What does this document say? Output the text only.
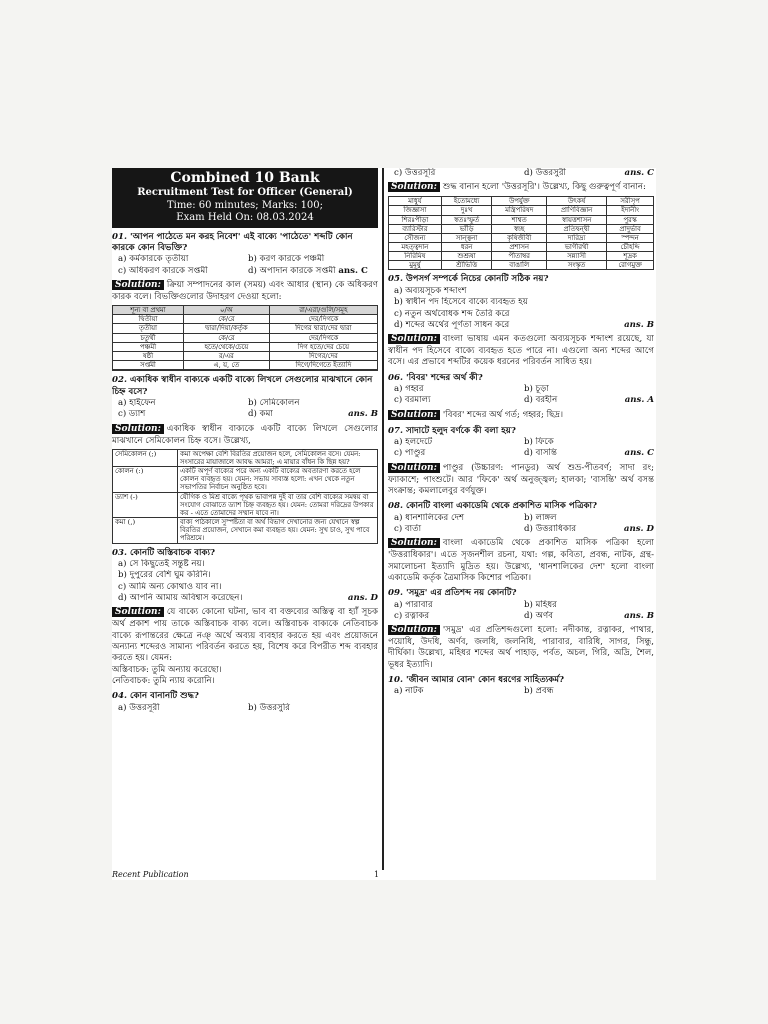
Combined 10 Bank
Recruitment Test for Officer (General)
Time: 60 minutes; Marks: 100;
Exam Held On: 08.03.2024
01. 'আপন পাঠেতে মন করহ নিবেশ' এই বাক্যে 'পাঠেতে' শব্দটি কোন কারকে কোন বিভক্তি?
a) কর্মকারকে তৃতীয়া	b) করণ কারকে পঞ্চমী
c) অধিকরণ কারকে সপ্তমী	d) অপাদান কারকে সপ্তমী ans. C
Solution: ক্রিয়া সম্পাদনের কাল (সময়) এবং আধার (স্থান) কে অধিকরণ কারক বলে। বিভক্তিগুলোর উদাহরণ দেওয়া হলো:
শূন্য বা প্রথমা	০/অ	রা/এরা/গুলি/সমূহ
দ্বিতীয়া	কে/রে	দের/দিগকে
তৃতীয়া	দ্বারা/দিয়া/কর্তৃক	দিগের দ্বারা/দের দ্বারা
চতুর্থী	কে/রে	দের/দিগকে
পঞ্চমী	হতে/থেকে/চেয়ে	দিগ হতে/দের চেয়ে
ষষ্ঠী	র/এর	দিগের/দের
সপ্তমী	এ, য়, তে	দিগে/দিগেতে ইত্যাদি

02. একাধিক স্বাধীন বাক্যকে একটি বাক্যে লিখলে সেগুলোর মাঝখানে কোন চিহ্ন বসে?
a) হাইফেন	b) সেমিকোলন
c) ড্যাশ	d) কমা	ans. B
Solution: একাধিক স্বাধীন বাক্যকে একটি বাক্যে লিখলে সেগুলোর মাঝখানে সেমিকোলন চিহ্ন বসে। উল্লেখ্য,
সেমিকোলন (;)	কমা অপেক্ষা বেশি বিরতির প্রয়োজন হলে, সেমিকোলন বসে। যেমন: সংসারের মায়াজালে আবদ্ধ আমরা; এ মায়ার বাঁধন কি ছিন্ন হয়?
কোলন (:)	একটি অপূর্ণ বাক্যের পরে অন্য একটি বাক্যের অবতারণা করতে হলে কোলন ব্যবহৃত হয়। যেমন: সভায় সাব্যস্ত হলো: এখন থেকে নতুন সভাপতির নির্বাচন অনুষ্ঠিত হবে।
ড্যাশ (-)	যৌগিক ও মিশ্র বাক্যে পৃথক ভাবাপন্ন দুই বা তার বেশি বাক্যের সমন্বয় বা সংযোগ বোঝাতে ড্যাশ চিহ্ন ব্যবহৃত হয়। যেমন: তোমরা দরিদ্রের উপকার কর - এতে তোমাদের সম্মান যাবে না।
কমা (,)	বাক্য পাঠকালে সুস্পষ্টতা বা অর্থ বিভাগ দেখানোর জন্য যেখানে স্বল্প বিরতির প্রয়োজন, সেখানে কমা ব্যবহৃত হয়। যেমন: সুখ চাও, সুখ পাবে পরিশ্রমে।
03. কোনটি অস্তিবাচক বাক্য?
a) সে কিছুতেই সন্তুষ্ট নয়।
b) দুপুরের বেশি ঘুম করিনি।
c) আমি অন্য কোথাও যাব না।
d) আপনি আমায় অবিশ্বাস করেছেন।	ans. D
Solution: যে বাক্যে কোনো ঘটনা, ভাব বা বক্তব্যের অস্তিত্ব বা হ্যাঁ সূচক অর্থ প্রকাশ পায় তাকে অস্তিবাচক বাক্য বলে। অস্তিবাচক বাক্যকে নেতিবাচক বাক্যে রূপান্তরের ক্ষেত্রে নঞ্ অর্থে অব্যয় ব্যবহার করতে হয় এবং প্রয়োজনে অন্যান্য শব্দেরও সামান্য পরিবর্তন করতে হয়, বিশেষ করে বিপরীত শব্দ ব্যবহার করতে হয়। যেমন:
অস্তিবাচক: তুমি অন্যায় করেছো।
নেতিবাচক: তুমি ন্যায় করোনি।
04. কোন বানানটি শুদ্ধ?
a) উত্তরসূরী	b) উত্তরসুরি
c) উত্তরসূরি	d) উত্তরসুরী	ans. C
Solution: শুদ্ধ বানান হলো 'উত্তরসূরি'। উল্লেখ্য, কিছু গুরুত্বপূর্ণ বানান:
মাধুর্য	ইতোমধ্যে	উপর্যুক্ত	উৎকর্ষ	সরীসৃপ
জিজ্ঞাসা	দুঃখ	মন্ত্রিপরিষদ	প্রাণিবিজ্ঞান	ইদানীং
শিরঃপীড়া	স্বতঃস্ফূর্ত	শাশ্বত	স্বায়ত্তশাসন	পুরস্ক
ব্যারিস্টার	ভাঁড়ি	স্বচ্ছ	প্রতিদ্বন্দ্বী	প্রাদুর্ভাব
সৌজন্য	সান্ত্বনা	কৃষিজীবী	দারিদ্র্য	স্পন্দন
মহত্ত্বদান	ধরন	প্রশাসন	ভাগীরথী	চৌহদ্দি
নিরিমিষ	শুশ্রূষা	পীতাম্বর	সন্ন্যাসী	শূদ্রক
মুমূর্ষু	শ্রীভিত্তি	বাঙালি	সংস্কৃত	রোগমুক্ত
05. উপসর্গ সম্পর্কে নিচের কোনটি সঠিক নয়?
a) অব্যয়সূচক শব্দাংশ
b) স্বাধীন পদ হিসেবে বাক্যে ব্যবহৃত হয়
c) নতুন অর্থবোধক শব্দ তৈরি করে
d) শব্দের অর্থের পূর্ণতা সাধন করে	ans. B
Solution: বাংলা ভাষায় এমন কতগুলো অব্যয়সূচক শব্দাংশ রয়েছে, যা স্বাধীন পদ হিসেবে বাক্যে ব্যবহৃত হতে পারে না। এগুলো অন্য শব্দের আগে বসে। এর প্রভাবে শব্দটির কয়েক ধরনের পরিবর্তন সাধিত হয়।
06. 'বিবর' শব্দের অর্থ কী?
a) গহ্বর	b) চূড়া
c) বরমাল্য	d) বরহীন	ans. A
Solution: 'বিবর' শব্দের অর্থ গর্ত; গহ্বর; ছিদ্র।
07. সাদাটে হলুদ বর্ণকে কী বলা হয়?
a) হলদেটে	b) ফিকে
c) পাণ্ডুর	d) বাসন্তি	ans. C
Solution: পাণ্ডুর (উচ্চারণ: পানডুর) অর্থ শুভ্র-পীতবর্ণ; সাদা রং; ফ্যাকাশে; পাংশুটে। আর 'ফিকে' অর্থ অনুজ্জ্বল; হালকা; 'বাসন্তি' অর্থ বসন্ত সংক্রান্ত; কমলালেবুর বর্ণযুক্ত।
08. কোনটি বাংলা একাডেমি থেকে প্রকাশিত মাসিক পত্রিকা?
a) ধানশালিকের দেশ	b) লাঙ্গল
c) বার্তা	d) উত্তরাধিকার	ans. D
Solution: বাংলা একাডেমি থেকে প্রকাশিত মাসিক পত্রিকা হলো 'উত্তরাধিকার'। এতে সৃজনশীল রচনা, যথা: গল্প, কবিতা, প্রবন্ধ, নাটক, গ্রন্থ-সমালোচনা ইত্যাদি মুদ্রিত হয়। উল্লেখ্য, 'ধানশালিকের দেশ' হলো বাংলা একাডেমি কর্তৃক ত্রৈমাসিক কিশোর পত্রিকা।
09. 'সমুদ্র' এর প্রতিশব্দ নয় কোনটি?
a) পারাবার	b) মহিধর
c) রত্নাকর	d) অর্ণব	ans. B
Solution: 'সমুদ্র' এর প্রতিশব্দগুলো হলো: নদীকান্ত, রত্নাকর, পাথার, পয়োধি, উদধি, অর্ণব, জলধি, জলনিধি, পারাবার, বারিধি, সাগর, সিন্ধু, দীর্ঘিকা। উল্লেখ্য, মহিধর শব্দের অর্থ পাহাড়, পর্বত, অচল, গিরি, অদ্রি, শৈল, ভূধর ইত্যাদি।
10. 'জীবন আমার বোন' কোন ধরণের সাহিত্যকর্ম?
a) নাটক	b) প্রবন্ধ
Recent Publication	1
